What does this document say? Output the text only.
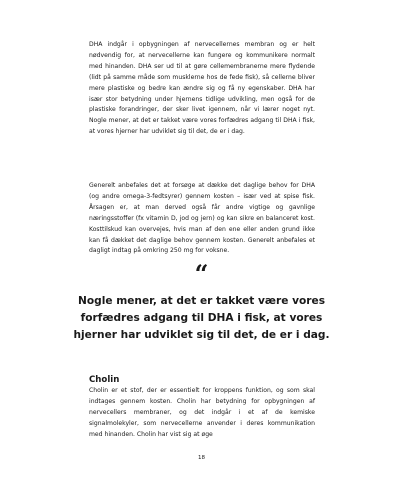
DHA indgår i opbygningen af nervecellernes membran og er helt nødvendig for, at nervecellerne kan fungere og kommunikere normalt med hinanden. DHA ser ud til at gøre cellemembranerne mere flydende (lidt på samme måde som musklerne hos de fede fisk), så cellerne bliver mere plastiske og bedre kan ændre sig og få ny egenskaber. DHA har især stor betydning under hjernens tidlige udvikling, men også for de plastiske forandringer, der sker livet igennem, når vi lærer noget nyt. Nogle mener, at det er takket være vores forfædres adgang til DHA i fisk, at vores hjerner har udviklet sig til det, de er i dag.

Generelt anbefales det at forsøge at dække det daglige behov for DHA (og andre omega-3-fedtsyrer) gennem kosten – især ved at spise fisk. Årsagen er, at man derved også får andre vigtige og gavnlige næringsstoffer (fx vitamin D, jod og jern) og kan sikre en balanceret kost. Kosttilskud kan overvejes, hvis man af den ene eller anden grund ikke kan få dækket det daglige behov gennem kosten. Generelt anbefales et dagligt indtag på omkring 250 mg for voksne.

“

Nogle mener, at det er takket være vores forfædres adgang til DHA i fisk, at vores hjerner har udviklet sig til det, de er i dag.

Cholin

Cholin er et stof, der er essentielt for kroppens funktion, og som skal indtages gennem kosten. Cholin har betydning for opbygningen af nervecellers membraner, og det indgår i et af de kemiske signalmolekyler, som nervecellerne anvender i deres kommunikation med hinanden. Cholin har vist sig at øge

18
